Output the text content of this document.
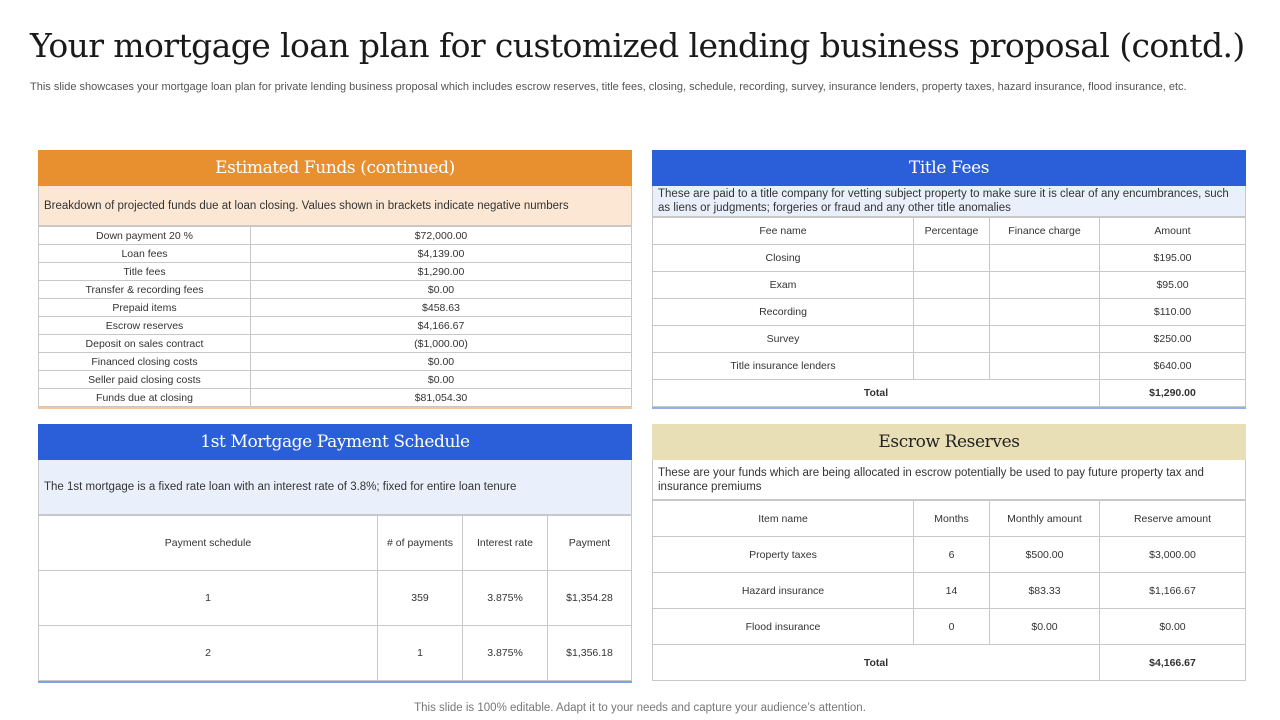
Your mortgage loan plan for customized lending business proposal (contd.)
This slide showcases your mortgage loan plan for private lending business proposal which includes escrow reserves, title fees, closing, schedule, recording, survey, insurance lenders, property taxes, hazard insurance, flood insurance, etc.
Estimated Funds (continued)
Breakdown of projected funds due at loan closing. Values shown in brackets indicate negative numbers
Down payment 20 %	$72,000.00
Loan fees	$4,139.00
Title fees	$1,290.00
Transfer & recording fees	$0.00
Prepaid items	$458.63
Escrow reserves	$4,166.67
Deposit on sales contract	($1,000.00)
Financed closing costs	$0.00
Seller paid closing costs	$0.00
Funds due at closing	$81,054.30
Title Fees
These are paid to a title company for vetting subject property to make sure it is clear of any encumbrances, such as liens or judgments; forgeries or fraud and any other title anomalies
Fee name	Percentage	Finance charge	Amount
Closing			$195.00
Exam			$95.00
Recording			$110.00
Survey			$250.00
Title insurance lenders			$640.00
Total			$1,290.00
1st Mortgage Payment Schedule
The 1st mortgage is a fixed rate loan with an interest rate of 3.8%; fixed for entire loan tenure
Payment schedule	# of payments	Interest rate	Payment
1	359	3.875%	$1,354.28
2	1	3.875%	$1,356.18
Escrow Reserves
These are your funds which are being allocated in escrow potentially be used to pay future property tax and insurance premiums
Item name	Months	Monthly amount	Reserve amount
Property taxes	6	$500.00	$3,000.00
Hazard insurance	14	$83.33	$1,166.67
Flood insurance	0	$0.00	$0.00
Total			$4,166.67
This slide is 100% editable. Adapt it to your needs and capture your audience’s attention.
